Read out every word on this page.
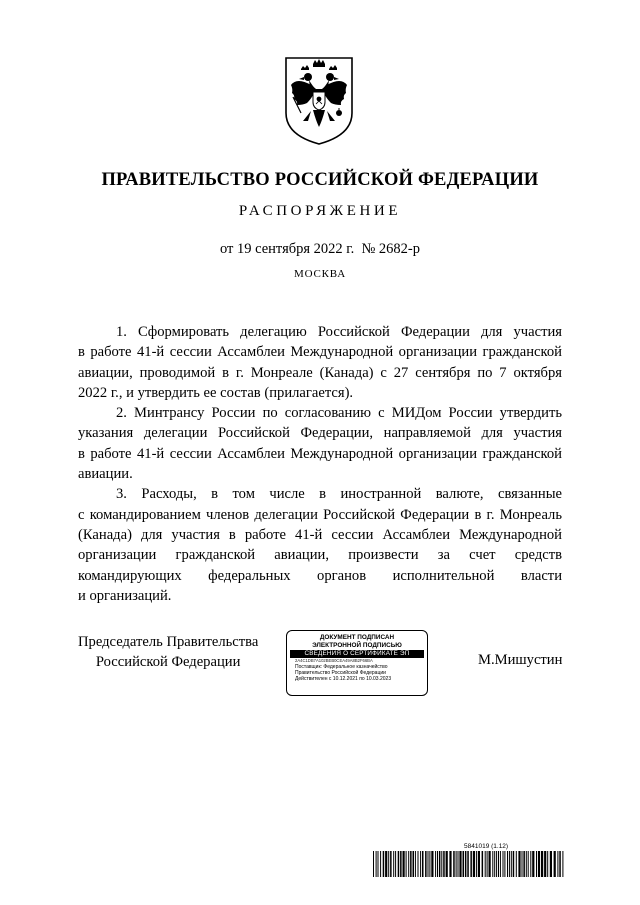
ПРАВИТЕЛЬСТВО РОССИЙСКОЙ ФЕДЕРАЦИИ
РАСПОРЯЖЕНИЕ
от 19 сентября 2022 г.  № 2682-р
МОСКВА
1. Сформировать делегацию Российской Федерации для участия
в работе 41-й сессии Ассамблеи Международной организации гражданской
авиации, проводимой в г. Монреале (Канада) с 27 сентября по 7 октября
2022 г., и утвердить ее состав (прилагается).
2. Минтрансу России по согласованию с МИДом России утвердить
указания делегации Российской Федерации, направляемой для участия
в работе 41-й сессии Ассамблеи Международной организации гражданской
авиации.
3. Расходы, в том числе в иностранной валюте, связанные
с командированием членов делегации Российской Федерации в г. Монреаль
(Канада) для участия в работе 41-й сессии Ассамблеи Международной
организации гражданской авиации, произвести за счет средств
командирующих федеральных органов исполнительной власти
и организаций.
Председатель Правительства
Российской Федерации
ДОКУМЕНТ ПОДПИСАН
ЭЛЕКТРОННОЙ ПОДПИСЬЮ
СВЕДЕНИЯ О СЕРТИФИКАТЕ ЭП
2A4C1DB7A102BEB0CEA49A8B2F66BA
Поставщик: Федеральное казначейство
Правительство Российской Федерации
Действителен с 10.12.2021 по 10.03.2023
М.Мишустин
5841019 (1.12)
